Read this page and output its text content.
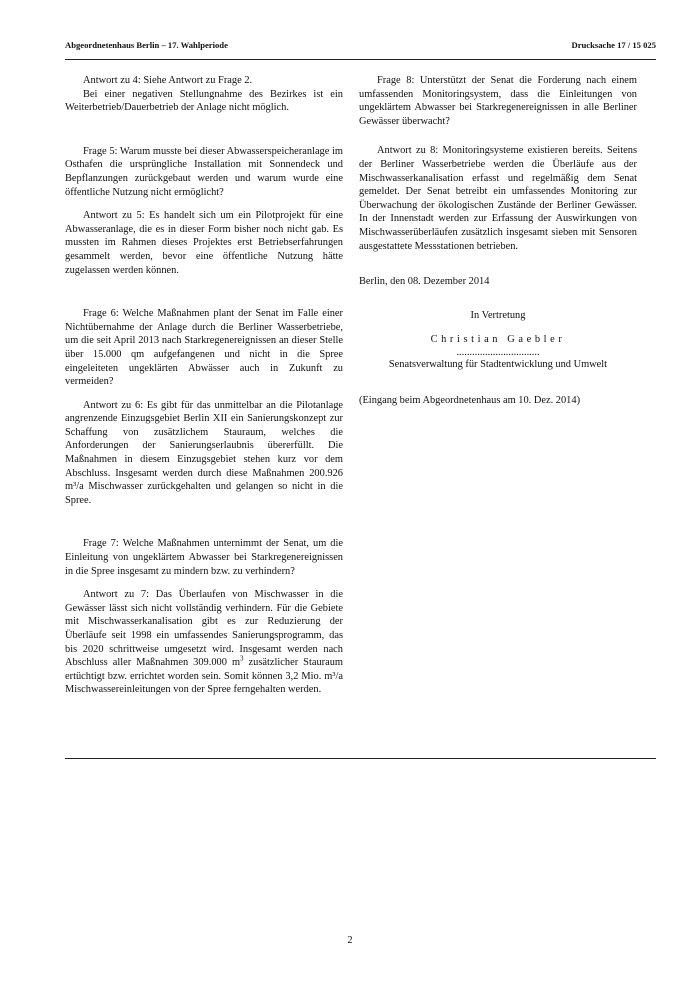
Abgeordnetenhaus Berlin – 17. Wahlperiode	Drucksache 17 / 15 025

Antwort zu 4: Siehe Antwort zu Frage 2.

Bei einer negativen Stellungnahme des Bezirkes ist ein Weiterbetrieb/Dauerbetrieb der Anlage nicht möglich.

Frage 5: Warum musste bei dieser Abwasserspeicheranlage im Osthafen die ursprüngliche Installation mit Sonnendeck und Bepflanzungen zurückgebaut werden und warum wurde eine öffentliche Nutzung nicht ermöglicht?

Antwort zu 5: Es handelt sich um ein Pilotprojekt für eine Abwasseranlage, die es in dieser Form bisher noch nicht gab. Es mussten im Rahmen dieses Projektes erst Betriebserfahrungen gesammelt werden, bevor eine öffentliche Nutzung hätte zugelassen werden können.

Frage 6: Welche Maßnahmen plant der Senat im Falle einer Nichtübernahme der Anlage durch die Berliner Wasserbetriebe, um die seit April 2013 nach Starkregenereignissen an dieser Stelle über 15.000 qm aufgefangenen und nicht in die Spree eingeleiteten ungeklärten Abwässer auch in Zukunft zu vermeiden?

Antwort zu 6: Es gibt für das unmittelbar an die Pilotanlage angrenzende Einzugsgebiet Berlin XII ein Sanierungskonzept zur Schaffung von zusätzlichem Stauraum, welches die Anforderungen der Sanierungserlaubnis übererfüllt. Die Maßnahmen in diesem Einzugsgebiet stehen kurz vor dem Abschluss. Insgesamt werden durch diese Maßnahmen 200.926 m³/a Mischwasser zurückgehalten und gelangen so nicht in die Spree.

Frage 7: Welche Maßnahmen unternimmt der Senat, um die Einleitung von ungeklärtem Abwasser bei Starkregenereignissen in die Spree insgesamt zu mindern bzw. zu verhindern?

Antwort zu 7: Das Überlaufen von Mischwasser in die Gewässer lässt sich nicht vollständig verhindern. Für die Gebiete mit Mischwasserkanalisation gibt es zur Reduzierung der Überläufe seit 1998 ein umfassendes Sanierungsprogramm, das bis 2020 schrittweise umgesetzt wird. Insgesamt werden nach Abschluss aller Maßnahmen 309.000 $m^3$ zusätzlicher Stauraum ertüchtigt bzw. errichtet worden sein. Somit können 3,2 Mio. m³/a Mischwassereinleitungen von der Spree ferngehalten werden.

Frage 8: Unterstützt der Senat die Forderung nach einem umfassenden Monitoringsystem, dass die Einleitungen von ungeklärtem Abwasser bei Starkregenereignissen in alle Berliner Gewässer überwacht?

Antwort zu 8: Monitoringsysteme existieren bereits. Seitens der Berliner Wasserbetriebe werden die Überläufe aus der Mischwasserkanalisation erfasst und regelmäßig dem Senat gemeldet. Der Senat betreibt ein umfassendes Monitoring zur Überwachung der ökologischen Zustände der Berliner Gewässer. In der Innenstadt werden zur Erfassung der Auswirkungen von Mischwasserüberläufen zusätzlich insgesamt sieben mit Sensoren ausgestattete Messstationen betrieben.

Berlin, den 08. Dezember 2014

In Vertretung

Christian Gaebler

................................

Senatsverwaltung für Stadtentwicklung und Umwelt

(Eingang beim Abgeordnetenhaus am 10. Dez. 2014)

2
